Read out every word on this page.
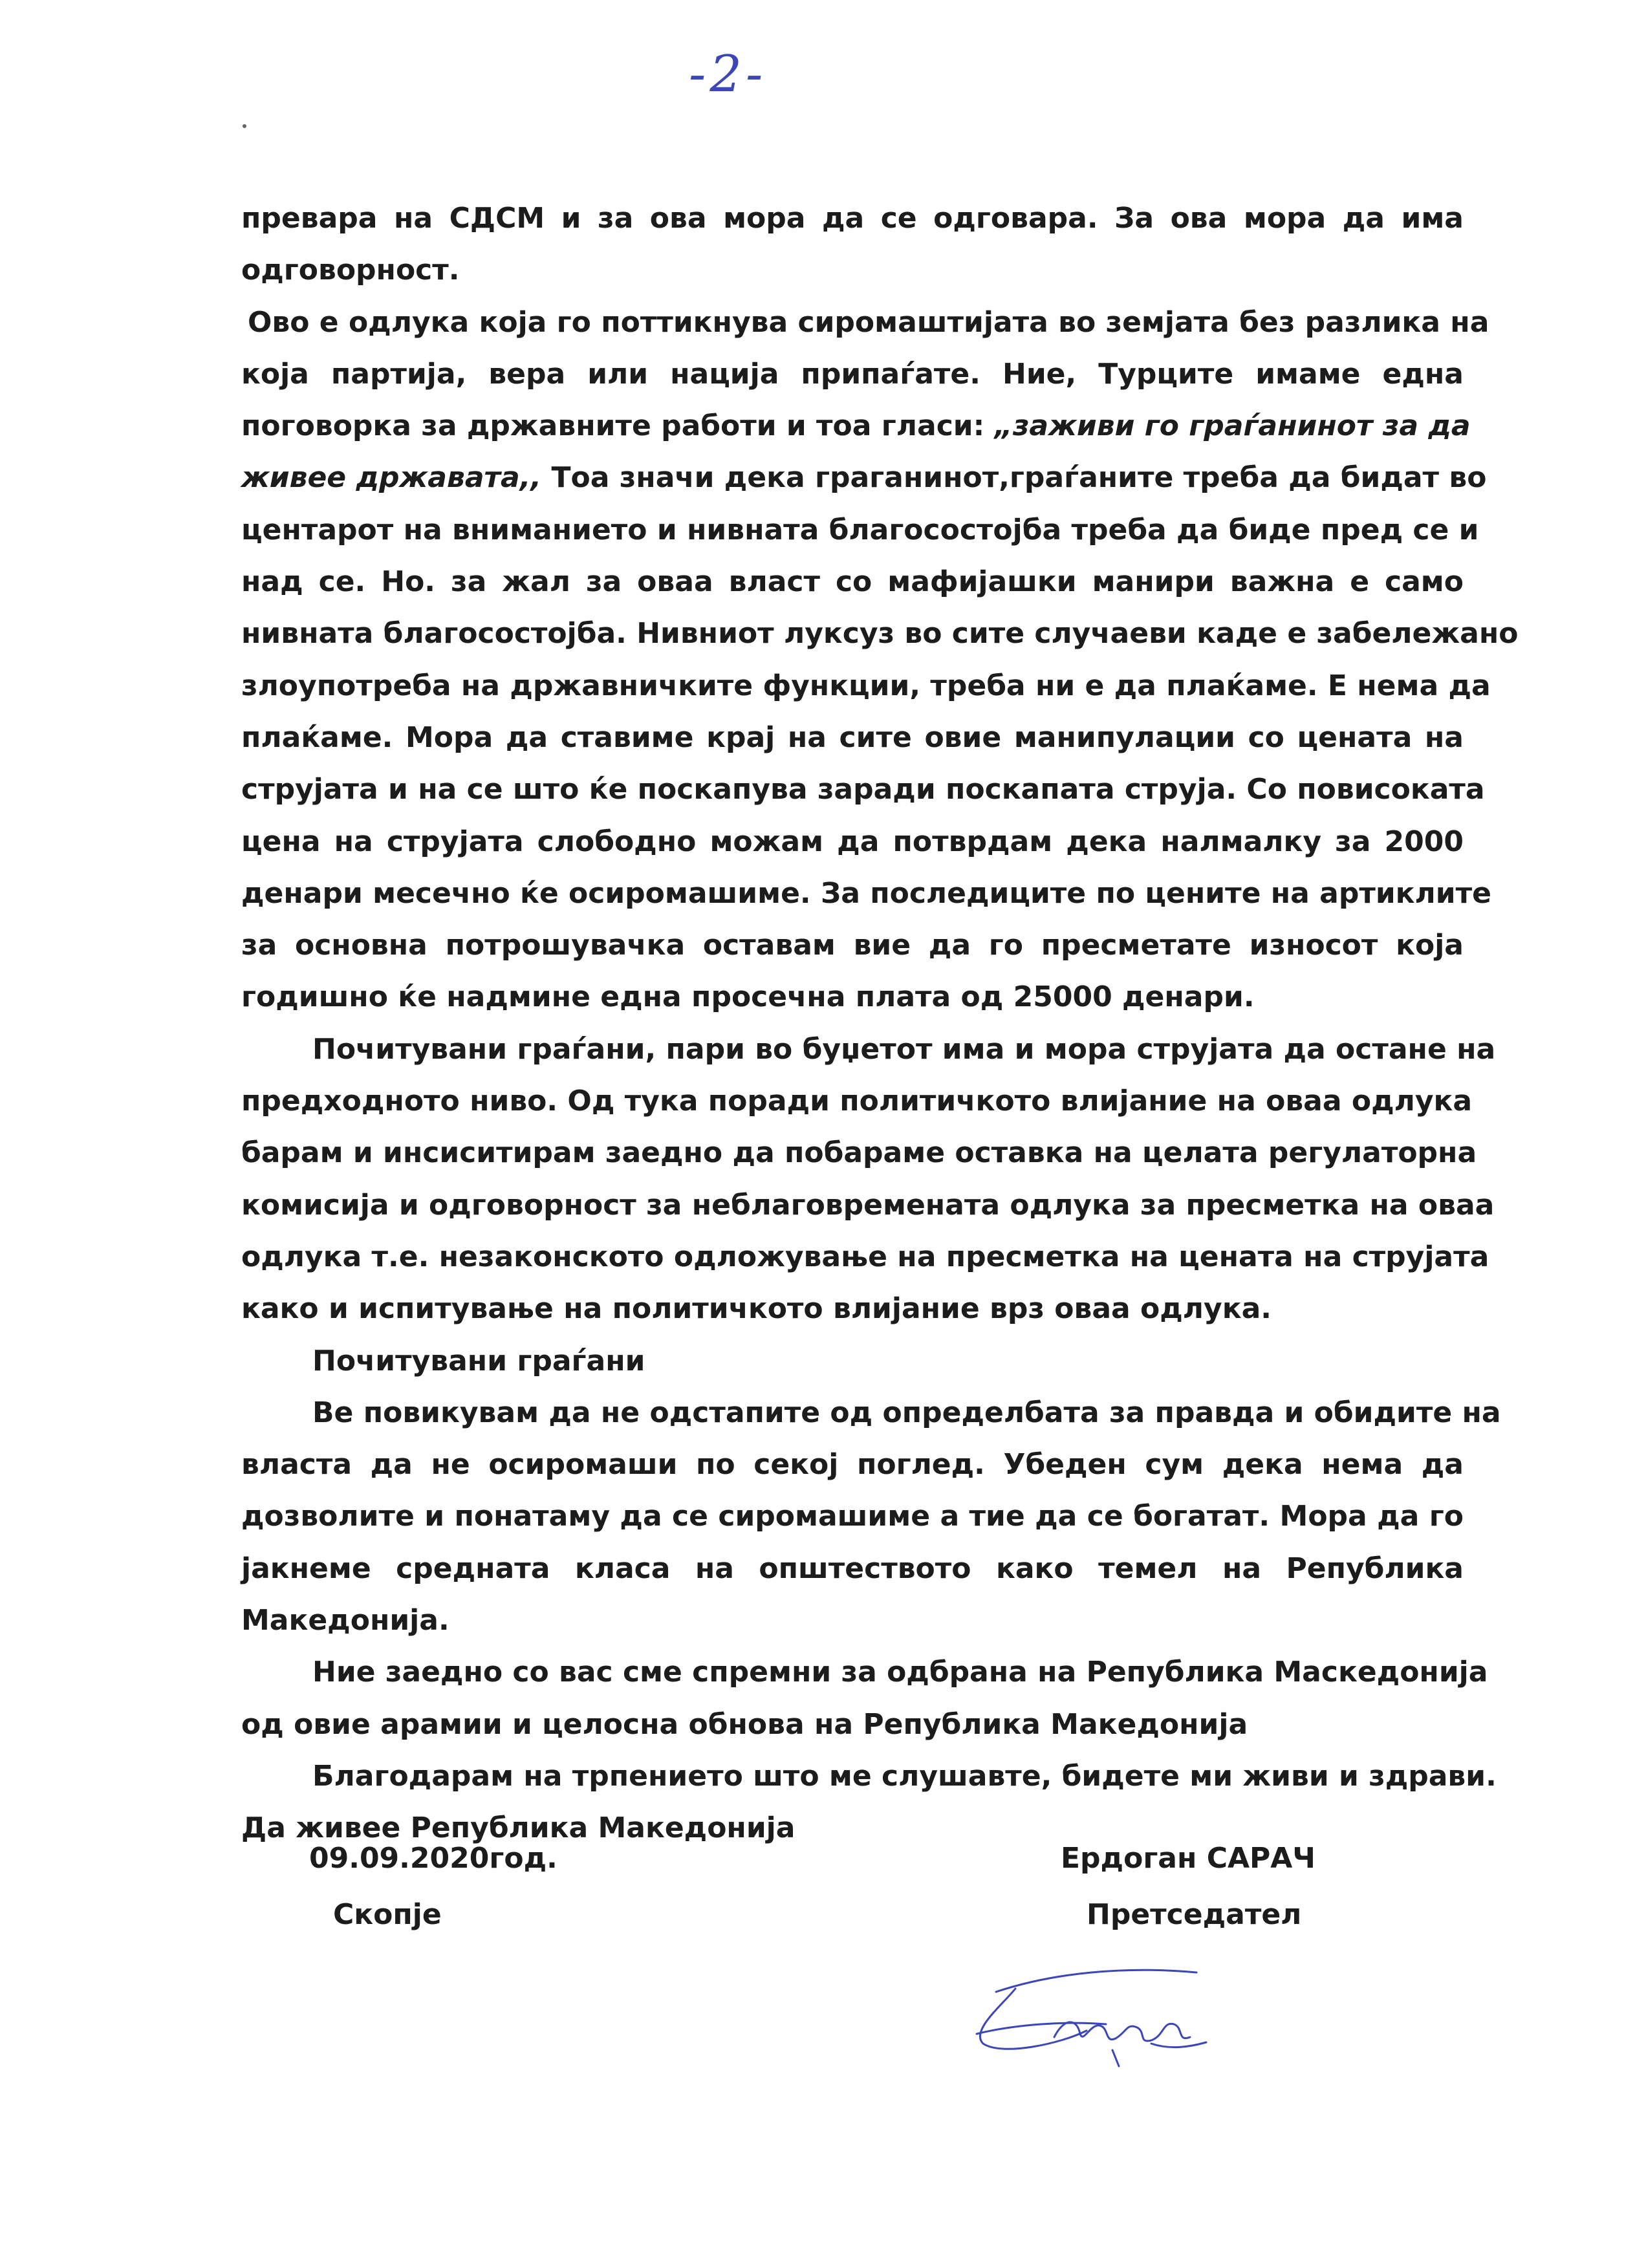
-2-
превара на СДСМ и за ова мора да се одговара. За ова мора да има
одговорност.
Ово е одлука која го поттикнува сиромаштијата во земјата без разлика на
која партија, вера или нација припаѓате. Ние, Турците имаме една
поговорка за државните работи и тоа гласи: „заживи го граѓанинот за да
живее државата,, Тоа значи дека граганинот,граѓаните треба да бидат во
центарот на вниманието и нивната благосостојба треба да биде пред се и
над се. Но. за жал за оваа власт со мафијашки манири важна е само
нивната благосостојба. Нивниот луксуз во сите случаеви каде е забележано
злоупотреба на државничките функции, треба ни е да плаќаме. Е нема да
плаќаме. Мора да ставиме крај на сите овие манипулации со цената на
струјата и на се што ќе поскапува заради поскапата струја. Со повисоката
цена на струјата слободно можам да потврдам дека налмалку за 2000
денари месечно ќе осиромашиме. За последиците по цените на артиклите
за основна потрошувачка оставам вие да го пресметате износот која
годишно ќе надмине една просечна плата од 25000 денари.
Почитувани граѓани, пари во буџетот има и мора струјата да остане на
предходното ниво. Од тука поради политичкото влијание на оваа одлука
барам и инсиситирам заедно да побараме оставка на целата регулаторна
комисија и одговорност за неблаговремената одлука за пресметка на оваа
одлука т.е. незаконското одложување на пресметка на цената на струјата
како и испитување на политичкото влијание врз оваа одлука.
Почитувани граѓани
Ве повикувам да не одстапите од определбата за правда и обидите на
власта да не осиромаши по секој поглед. Убеден сум дека нема да
дозволите и понатаму да се сиромашиме а тие да се богатат. Мора да го
јакнеме средната класа на општеството како темел на Република
Македонија.
Ние заедно со вас сме спремни за одбрана на Република Маскедонија
од овие арамии и целосна обнова на Република Македонија
Благодарам на трпението што ме слушавте, бидете ми живи и здрави.
Да живее Република Македонија
09.09.2020год.
Скопје
Ердоган САРАЧ
Претседател
